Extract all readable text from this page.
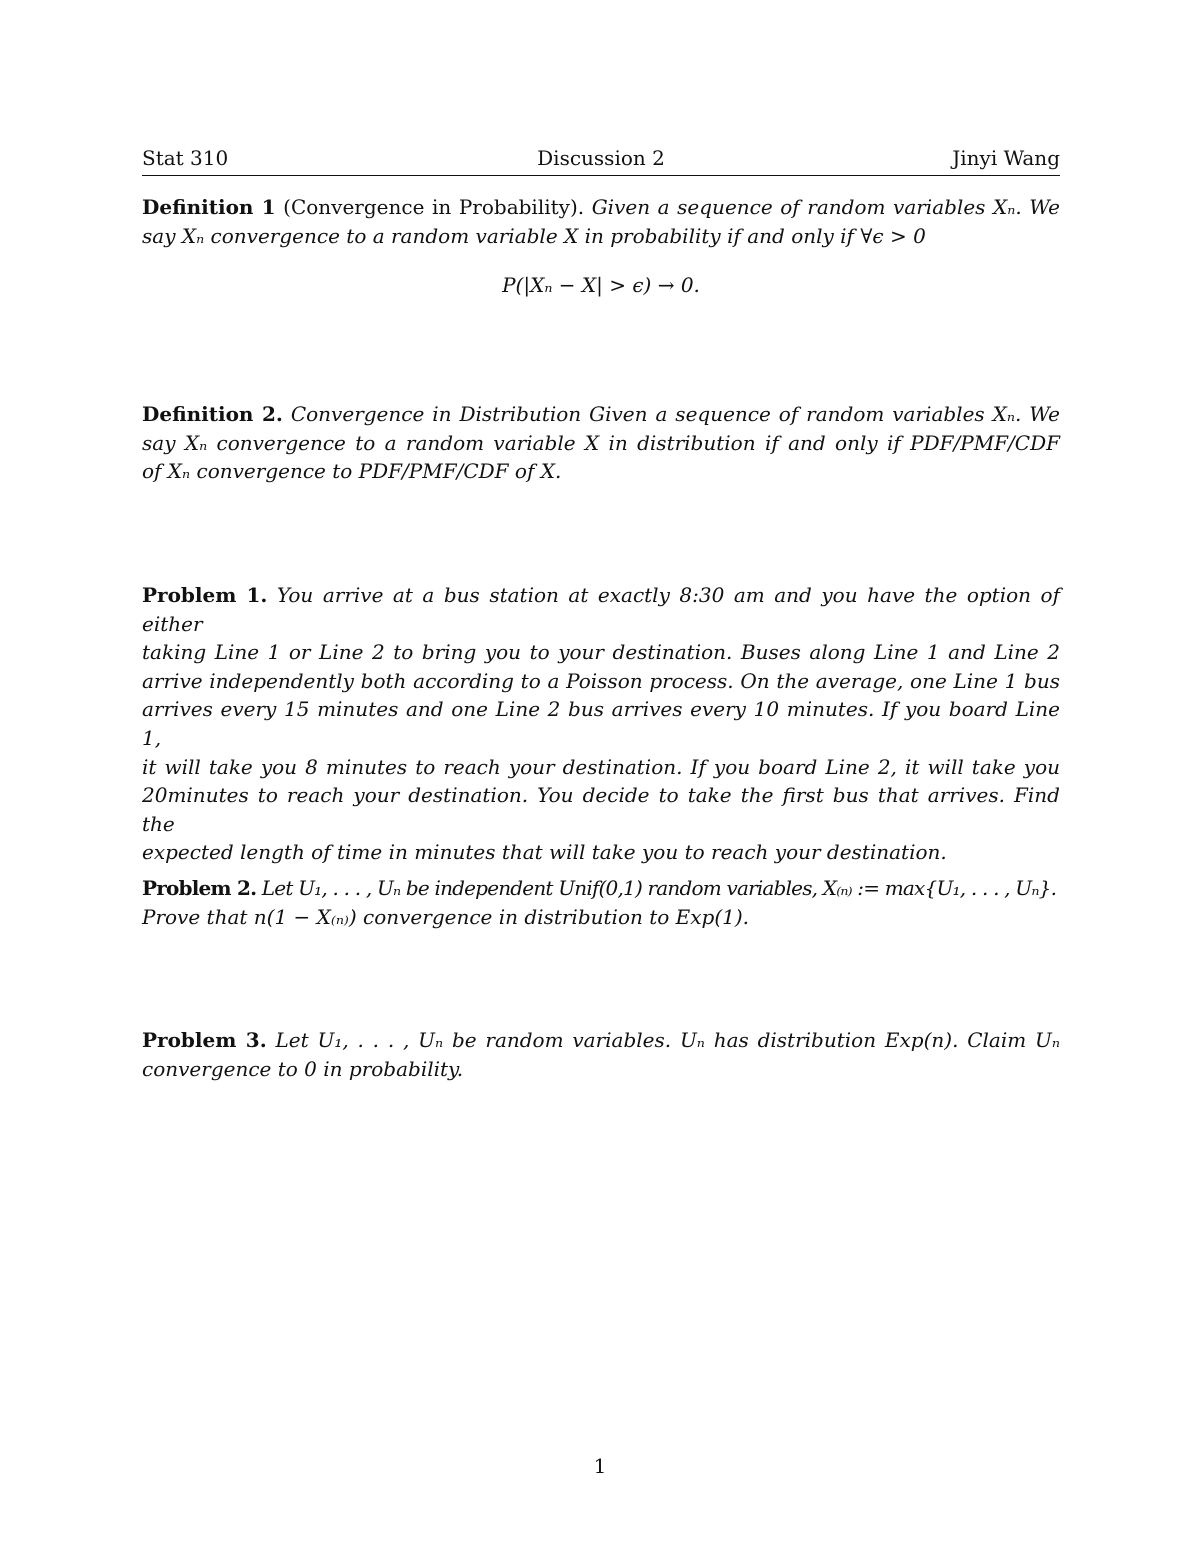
Stat 310	Discussion 2	Jinyi Wang
Definition 1 (Convergence in Probability). Given a sequence of random variables Xₙ. We
say Xₙ convergence to a random variable X in probability if and only if ∀ϵ > 0
P(|Xₙ − X| > ϵ) → 0.
Definition 2. Convergence in Distribution Given a sequence of random variables Xₙ. We
say Xₙ convergence to a random variable X in distribution if and only if PDF/PMF/CDF
of Xₙ convergence to PDF/PMF/CDF of X.
Problem 1. You arrive at a bus station at exactly 8:30 am and you have the option of either
taking Line 1 or Line 2 to bring you to your destination. Buses along Line 1 and Line 2
arrive independently both according to a Poisson process. On the average, one Line 1 bus
arrives every 15 minutes and one Line 2 bus arrives every 10 minutes. If you board Line 1,
it will take you 8 minutes to reach your destination. If you board Line 2, it will take you
20minutes to reach your destination. You decide to take the first bus that arrives. Find the
expected length of time in minutes that will take you to reach your destination.
Problem 2. Let U₁, . . . , Uₙ be independent Unif(0,1) random variables, X₍ₙ₎ := max{U₁, . . . , Uₙ}.
Prove that n(1 − X₍ₙ₎) convergence in distribution to Exp(1).
Problem 3. Let U₁, . . . , Uₙ be random variables. Uₙ has distribution Exp(n). Claim Uₙ
convergence to 0 in probability.
1
